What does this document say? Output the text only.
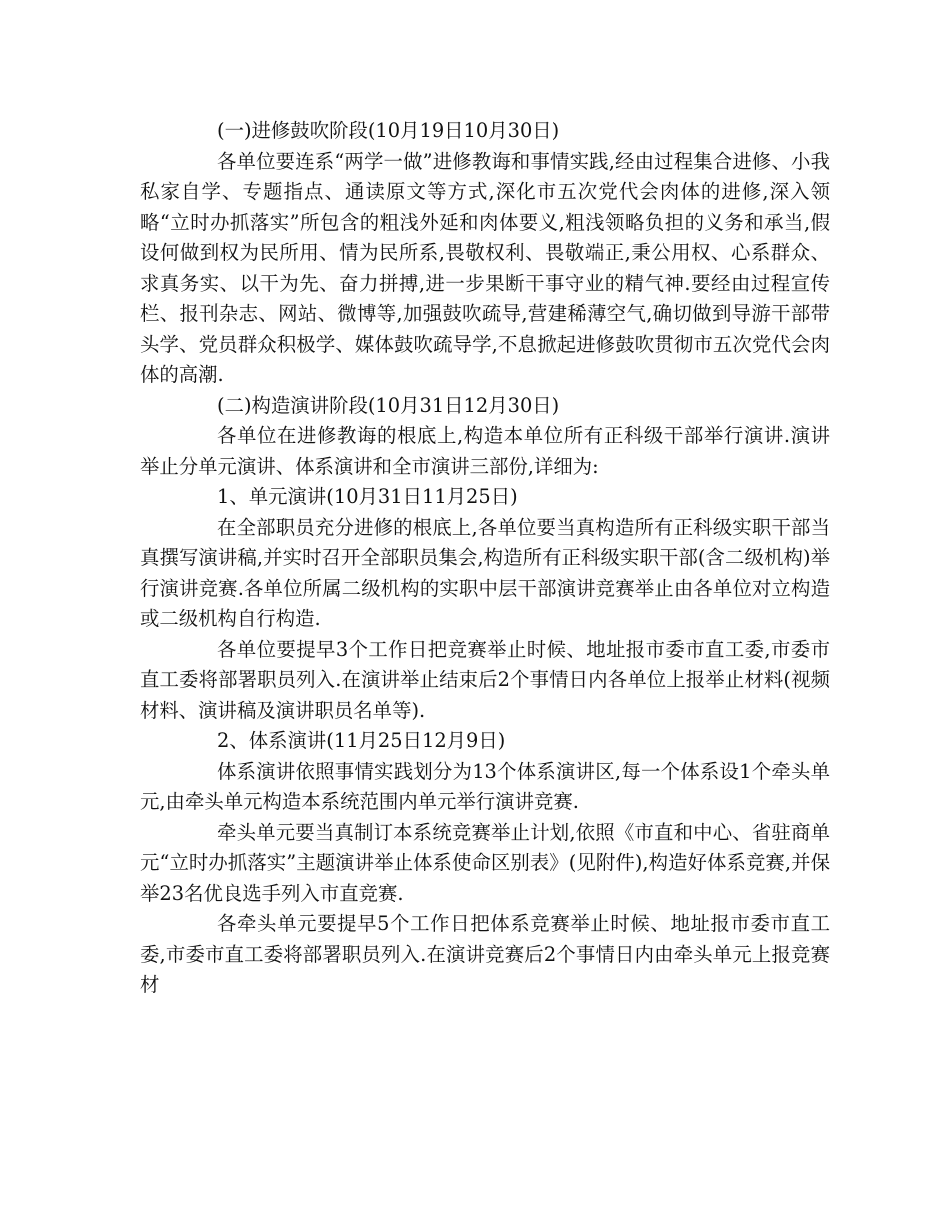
(一)进修鼓吹阶段(10月19日10月30日)

各单位要连系“两学一做”进修教诲和事情实践,经由过程集合进修、小我私家自学、专题指点、通读原文等方式,深化市五次党代会肉体的进修,深入领略“立时办抓落实”所包含的粗浅外延和肉体要义,粗浅领略负担的义务和承当,假设何做到权为民所用、情为民所系,畏敬权利、畏敬端正,秉公用权、心系群众、求真务实、以干为先、奋力拼搏,进一步果断干事守业的精气神.要经由过程宣传栏、报刊杂志、网站、微博等,加强鼓吹疏导,营建稀薄空气,确切做到导游干部带头学、党员群众积极学、媒体鼓吹疏导学,不息掀起进修鼓吹贯彻市五次党代会肉体的高潮.

(二)构造演讲阶段(10月31日12月30日)

各单位在进修教诲的根底上,构造本单位所有正科级干部举行演讲.演讲举止分单元演讲、体系演讲和全市演讲三部份,详细为:

1、单元演讲(10月31日11月25日)

在全部职员充分进修的根底上,各单位要当真构造所有正科级实职干部当真撰写演讲稿,并实时召开全部职员集会,构造所有正科级实职干部(含二级机构)举行演讲竞赛.各单位所属二级机构的实职中层干部演讲竞赛举止由各单位对立构造或二级机构自行构造.

各单位要提早3个工作日把竞赛举止时候、地址报市委市直工委,市委市直工委将部署职员列入.在演讲举止结束后2个事情日内各单位上报举止材料(视频材料、演讲稿及演讲职员名单等).

2、体系演讲(11月25日12月9日)

体系演讲依照事情实践划分为13个体系演讲区,每一个体系设1个牵头单元,由牵头单元构造本系统范围内单元举行演讲竞赛.

牵头单元要当真制订本系统竞赛举止计划,依照《市直和中心、省驻商单元“立时办抓落实”主题演讲举止体系使命区别表》(见附件),构造好体系竞赛,并保举23名优良选手列入市直竞赛.

各牵头单元要提早5个工作日把体系竞赛举止时候、地址报市委市直工委,市委市直工委将部署职员列入.在演讲竞赛后2个事情日内由牵头单元上报竞赛材
